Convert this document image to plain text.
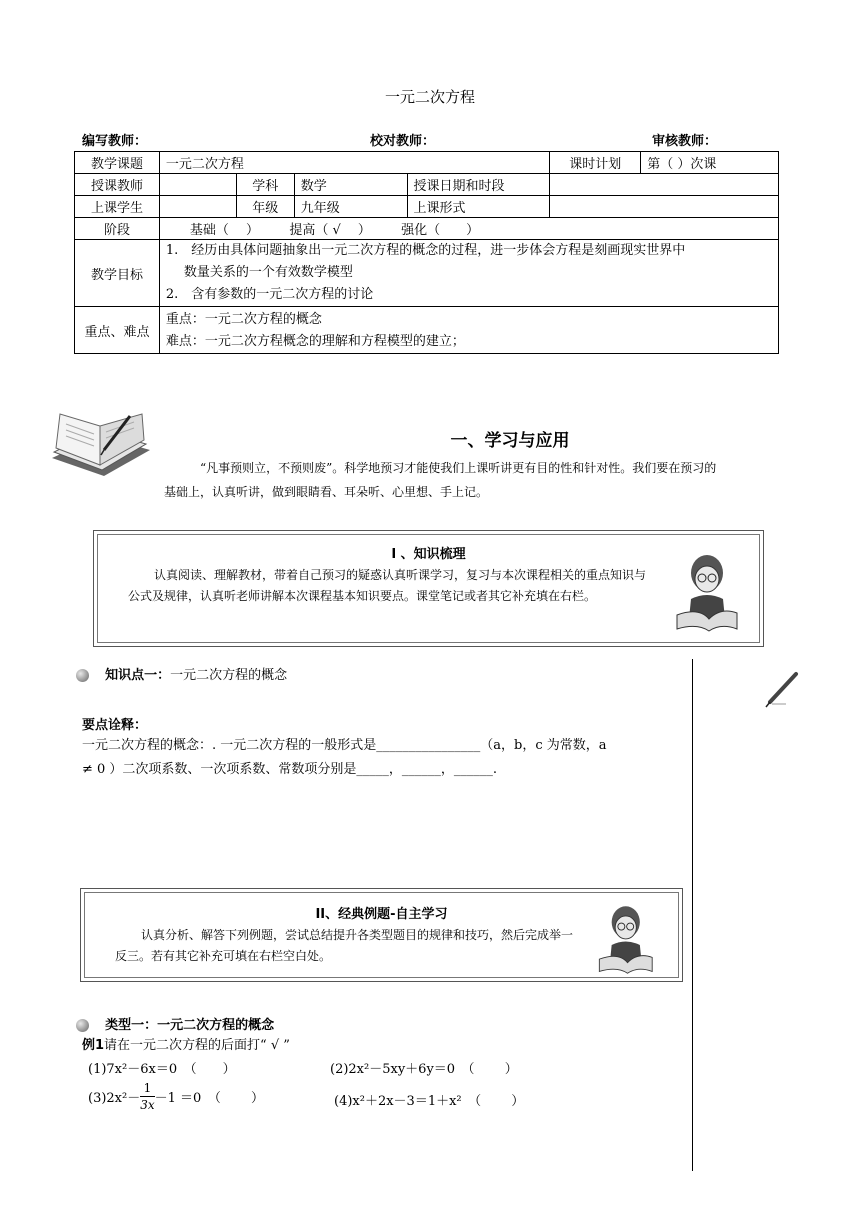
一元二次方程
编写教师：	校对教师：	审核教师：
教学课题	一元二次方程				课时计划	第（ ）次课
授课教师		学科	数学	授课日期和时段		
上课学生		年级	九年级	上课形式		
阶段	基础（　 ） 提高（ √　 ） 强化（　　）					
教学目标	1.　经历由具体问题抽象出一元二次方程的概念的过程，进一步体会方程是刻画现实世界中
数量关系的一个有效数学模型
2.　含有参数的一元二次方程的讨论					

重点、难点	重点：一元二次方程的概念
难点：一元二次方程概念的理解和方程模型的建立；					
一、学习与应用
“凡事预则立，不预则废”。科学地预习才能使我们上课听讲更有目的性和针对性。我们要在预习的基础上，认真听讲，做到眼睛看、耳朵听、心里想、手上记。
I 、知识梳理
认真阅读、理解教材，带着自己预习的疑惑认真听课学习，复习与本次课程相关的重点知识与公式及规律，认真听老师讲解本次课程基本知识要点。课堂笔记或者其它补充填在右栏。
知识点一：一元二次方程的概念
要点诠释：
一元二次方程的概念：. 一元二次方程的一般形式是________________（a，b，c 为常数，a
≠ 0 ）二次项系数、一次项系数、常数项分别是_____，______，______.
II、经典例题-自主学习
认真分析、解答下列例题，尝试总结提升各类型题目的规律和技巧，然后完成举一反三。若有其它补充可填在右栏空白处。
类型一：一元二次方程的概念
例1请在一元二次方程的后面打“ √ ”
(1)7x²－6x＝0　（　　）	(2)2x²－5xy＋6y＝0　（　　 ）
$(3)2x^2- \frac{1}{3x} -1 =0$　（　　 ）	(4)x²＋2x－3＝1＋x²　（　　 ）
